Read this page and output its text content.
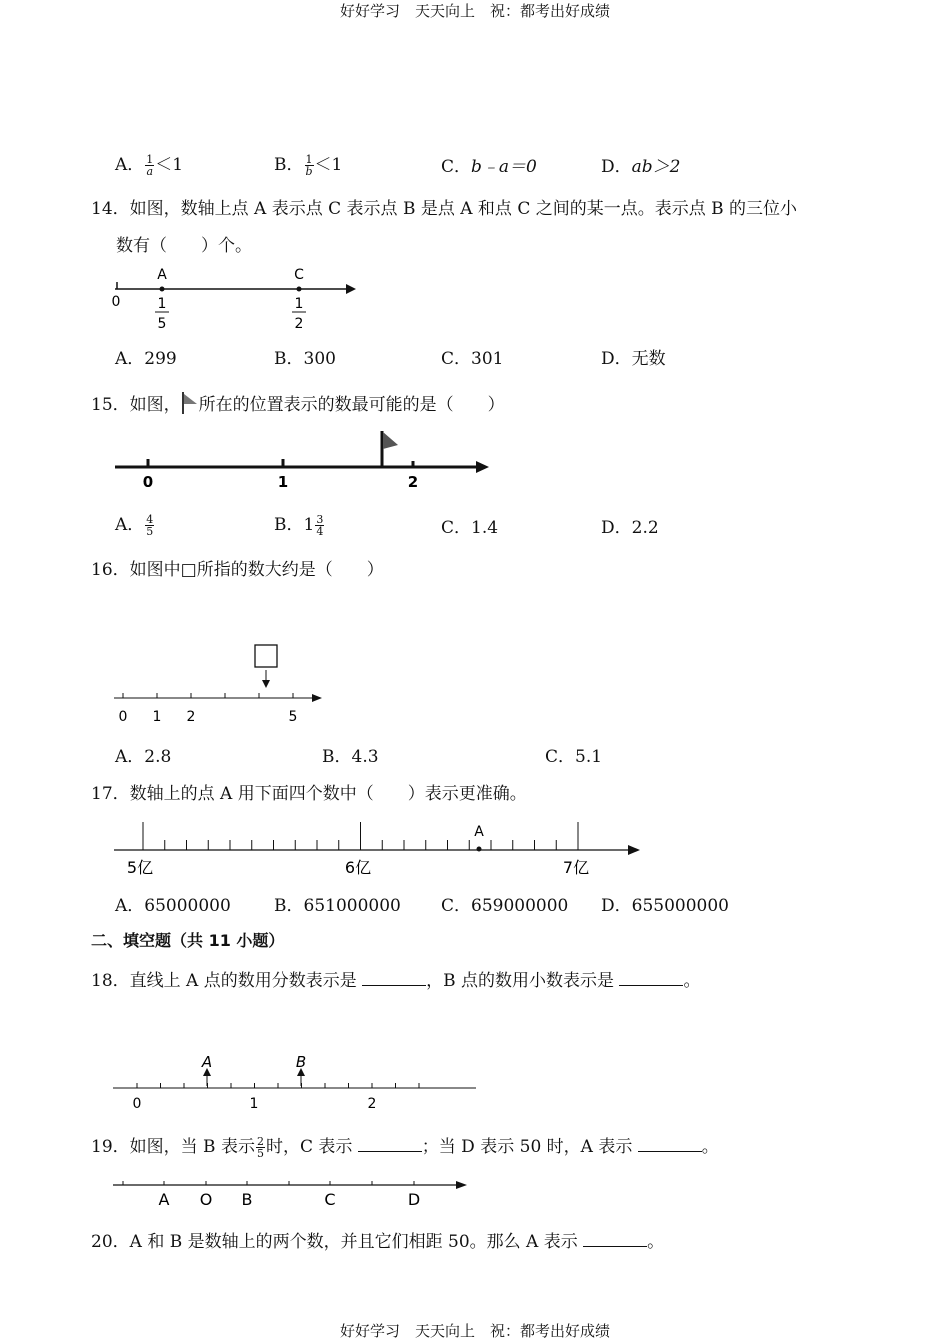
好好学习　天天向上　祝：都考出好成绩
A． $\frac{1}{a} <1$	B． $\frac{1}{b} <1$	C．b﹣a＝0	D．ab＞2
14．如图，数轴上点 A 表示点 C 表示点 B 是点 A 和点 C 之间的某一点。表示点 B 的三位小
数有（　　）个。
0
A	C
1
5
1
2
A．299	B．300	C．301	D．无数
15．如图， 所在的位置表示的数最可能的是（　　）
0	1	2
A． $\frac{4}{5}$	B．$1 \frac{3}{4}$	C．1.4	D．2.2
16．如图中□所指的数大约是（　　）
0 1 2	5
A．2.8	B．4.3	C．5.1
17．数轴上的点 A 用下面四个数中（　　）表示更准确。
A
5亿	6亿	7亿
A．65000000	B．651000000 C．659000000 D．655000000
二、填空题（共 11 小题）
18．直线上 A 点的数用分数表示是	，B 点的数用小数表示是	。
A	B
0	1	2
19．如图，当 B 表示 $\frac{2}{5}$ 时，C 表示	；当 D 表示 50 时，A 表示	。
A O B	C	D
20．A 和 B 是数轴上的两个数，并且它们相距 50。那么 A 表示	。
好好学习　天天向上　祝：都考出好成绩
